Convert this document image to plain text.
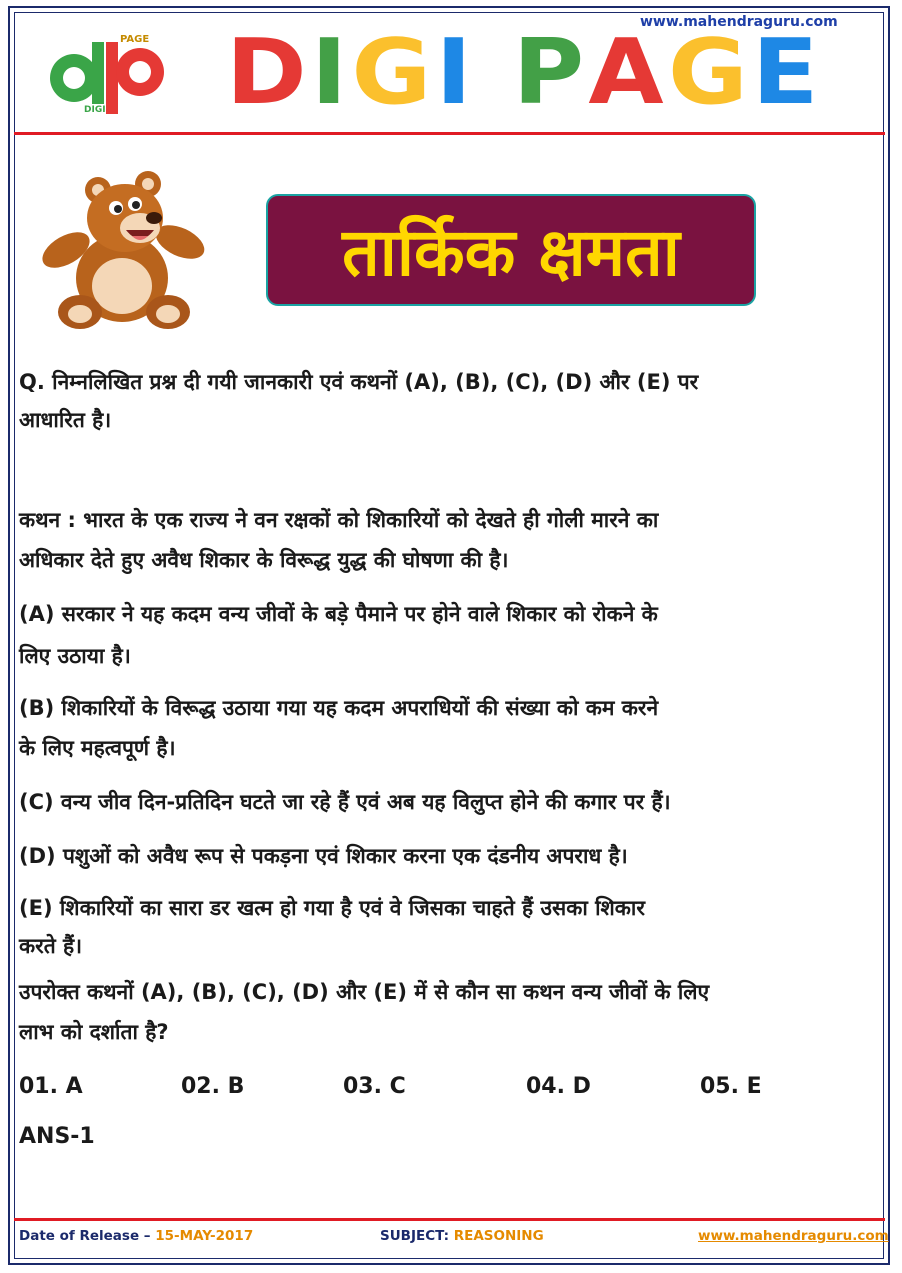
www.mahendraguru.com
PAGE
DIGI DIGI PAGE
तार्किक क्षमता
Q. निम्नलिखित प्रश्न दी गयी जानकारी एवं कथनों (A), (B), (C), (D) और (E) पर
आधारित है।
कथन : भारत के एक राज्य ने वन रक्षकों को शिकारियों को देखते ही गोली मारने का
अधिकार देते हुए अवैध शिकार के विरूद्ध युद्ध की घोषणा की है।
(A) सरकार ने यह कदम वन्य जीवों के बड़े पैमाने पर होने वाले शिकार को रोकने के
लिए उठाया है।
(B) शिकारियों के विरूद्ध उठाया गया यह कदम अपराधियों की संख्या को कम करने
के लिए महत्वपूर्ण है।
(C) वन्य जीव दिन-प्रतिदिन घटते जा रहे हैं एवं अब यह विलुप्त होने की कगार पर हैं।
(D) पशुओं को अवैध रूप से पकड़ना एवं शिकार करना एक दंडनीय अपराध है।
(E) शिकारियों का सारा डर खत्म हो गया है एवं वे जिसका चाहते हैं उसका शिकार
करते हैं।
उपरोक्त कथनों (A), (B), (C), (D) और (E) में से कौन सा कथन वन्य जीवों के लिए
लाभ को दर्शाता है?
01. A	02. B	03. C	04. D	05. E
ANS-1
Date of Release – 15-MAY-2017	SUBJECT: REASONING	www.mahendraguru.com
